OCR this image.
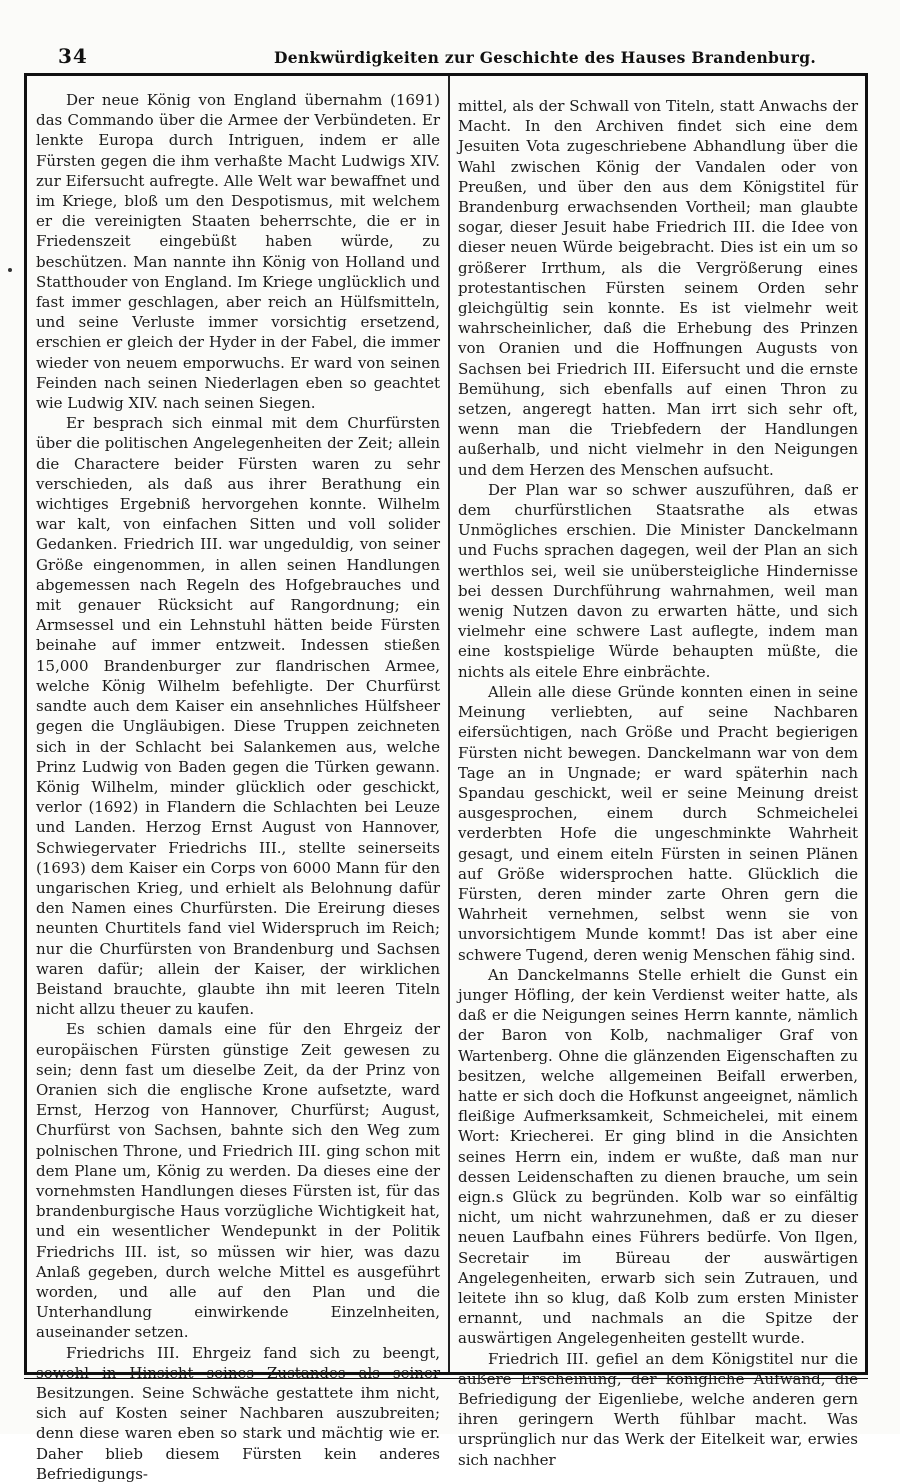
34	Denkwürdigkeiten zur Geschichte des Hauses Brandenburg.

Der neue König von England übernahm (1691) das Commando über die Armee der Verbündeten. Er lenkte Europa durch Intriguen, indem er alle Fürsten gegen die ihm verhaßte Macht Ludwigs XIV. zur Eifersucht aufregte. Alle Welt war bewaffnet und im Kriege, bloß um den Despotismus, mit welchem er die vereinigten Staaten beherrschte, die er in Friedenszeit eingebüßt haben würde, zu beschützen. Man nannte ihn König von Holland und Statthouder von England. Im Kriege unglücklich und fast immer geschlagen, aber reich an Hülfsmitteln, und seine Verluste immer vorsichtig ersetzend, erschien er gleich der Hyder in der Fabel, die immer wieder von neuem emporwuchs. Er ward von seinen Feinden nach seinen Niederlagen eben so geachtet wie Ludwig XIV. nach seinen Siegen.

Er besprach sich einmal mit dem Churfürsten über die politischen Angelegenheiten der Zeit; allein die Charactere beider Fürsten waren zu sehr verschieden, als daß aus ihrer Berathung ein wichtiges Ergebniß hervorgehen konnte. Wilhelm war kalt, von einfachen Sitten und voll solider Gedanken. Friedrich III. war ungeduldig, von seiner Größe eingenommen, in allen seinen Handlungen abgemessen nach Regeln des Hofgebrauches und mit genauer Rücksicht auf Rangordnung; ein Armsessel und ein Lehnstuhl hätten beide Fürsten beinahe auf immer entzweit. Indessen stießen 15,000 Brandenburger zur flandrischen Armee, welche König Wilhelm befehligte. Der Churfürst sandte auch dem Kaiser ein ansehnliches Hülfsheer gegen die Ungläubigen. Diese Truppen zeichneten sich in der Schlacht bei Salankemen aus, welche Prinz Ludwig von Baden gegen die Türken gewann. König Wilhelm, minder glücklich oder geschickt, verlor (1692) in Flandern die Schlachten bei Leuze und Landen. Herzog Ernst August von Hannover, Schwiegervater Friedrichs III., stellte seinerseits (1693) dem Kaiser ein Corps von 6000 Mann für den ungarischen Krieg, und erhielt als Belohnung dafür den Namen eines Churfürsten. Die Ereirung dieses neunten Churtitels fand viel Widerspruch im Reich; nur die Churfürsten von Brandenburg und Sachsen waren dafür; allein der Kaiser, der wirklichen Beistand brauchte, glaubte ihn mit leeren Titeln nicht allzu theuer zu kaufen.

Es schien damals eine für den Ehrgeiz der europäischen Fürsten günstige Zeit gewesen zu sein; denn fast um dieselbe Zeit, da der Prinz von Oranien sich die englische Krone aufsetzte, ward Ernst, Herzog von Hannover, Churfürst; August, Churfürst von Sachsen, bahnte sich den Weg zum polnischen Throne, und Friedrich III. ging schon mit dem Plane um, König zu werden. Da dieses eine der vornehmsten Handlungen dieses Fürsten ist, für das brandenburgische Haus vorzügliche Wichtigkeit hat, und ein wesentlicher Wendepunkt in der Politik Friedrichs III. ist, so müssen wir hier, was dazu Anlaß gegeben, durch welche Mittel es ausgeführt worden, und alle auf den Plan und die Unterhandlung einwirkende Einzelnheiten, auseinander setzen.

Friedrichs III. Ehrgeiz fand sich zu beengt, sowohl in Hinsicht seines Zustandes als seiner Besitzungen. Seine Schwäche gestattete ihm nicht, sich auf Kosten seiner Nachbaren auszubreiten; denn diese waren eben so stark und mächtig wie er. Daher blieb diesem Fürsten kein anderes Befriedigungs-

mittel, als der Schwall von Titeln, statt Anwachs der Macht. In den Archiven findet sich eine dem Jesuiten Vota zugeschriebene Abhandlung über die Wahl zwischen König der Vandalen oder von Preußen, und über den aus dem Königstitel für Brandenburg erwachsenden Vortheil; man glaubte sogar, dieser Jesuit habe Friedrich III. die Idee von dieser neuen Würde beigebracht. Dies ist ein um so größerer Irrthum, als die Vergrößerung eines protestantischen Fürsten seinem Orden sehr gleichgültig sein konnte. Es ist vielmehr weit wahrscheinlicher, daß die Erhebung des Prinzen von Oranien und die Hoffnungen Augusts von Sachsen bei Friedrich III. Eifersucht und die ernste Bemühung, sich ebenfalls auf einen Thron zu setzen, angeregt hatten. Man irrt sich sehr oft, wenn man die Triebfedern der Handlungen außerhalb, und nicht vielmehr in den Neigungen und dem Herzen des Menschen aufsucht.

Der Plan war so schwer auszuführen, daß er dem churfürstlichen Staatsrathe als etwas Unmögliches erschien. Die Minister Danckelmann und Fuchs sprachen dagegen, weil der Plan an sich werthlos sei, weil sie unübersteigliche Hindernisse bei dessen Durchführung wahrnahmen, weil man wenig Nutzen davon zu erwarten hätte, und sich vielmehr eine schwere Last auflegte, indem man eine kostspielige Würde behaupten müßte, die nichts als eitele Ehre einbrächte.

Allein alle diese Gründe konnten einen in seine Meinung verliebten, auf seine Nachbaren eifersüchtigen, nach Größe und Pracht begierigen Fürsten nicht bewegen. Danckelmann war von dem Tage an in Ungnade; er ward späterhin nach Spandau geschickt, weil er seine Meinung dreist ausgesprochen, einem durch Schmeichelei verderbten Hofe die ungeschminkte Wahrheit gesagt, und einem eiteln Fürsten in seinen Plänen auf Größe widersprochen hatte. Glücklich die Fürsten, deren minder zarte Ohren gern die Wahrheit vernehmen, selbst wenn sie von unvorsichtigem Munde kommt! Das ist aber eine schwere Tugend, deren wenig Menschen fähig sind.

An Danckelmanns Stelle erhielt die Gunst ein junger Höfling, der kein Verdienst weiter hatte, als daß er die Neigungen seines Herrn kannte, nämlich der Baron von Kolb, nachmaliger Graf von Wartenberg. Ohne die glänzenden Eigenschaften zu besitzen, welche allgemeinen Beifall erwerben, hatte er sich doch die Hofkunst angeeignet, nämlich fleißige Aufmerksamkeit, Schmeichelei, mit einem Wort: Kriecherei. Er ging blind in die Ansichten seines Herrn ein, indem er wußte, daß man nur dessen Leidenschaften zu dienen brauche, um sein eign.s Glück zu begründen. Kolb war so einfältig nicht, um nicht wahrzunehmen, daß er zu dieser neuen Laufbahn eines Führers bedürfe. Von Ilgen, Secretair im Büreau der auswärtigen Angelegenheiten, erwarb sich sein Zutrauen, und leitete ihn so klug, daß Kolb zum ersten Minister ernannt, und nachmals an die Spitze der auswärtigen Angelegenheiten gestellt wurde.

Friedrich III. gefiel an dem Königstitel nur die äußere Erscheinung, der königliche Aufwand, die Befriedigung der Eigenliebe, welche anderen gern ihren geringern Werth fühlbar macht. Was ursprünglich nur das Werk der Eitelkeit war, erwies sich nachher
